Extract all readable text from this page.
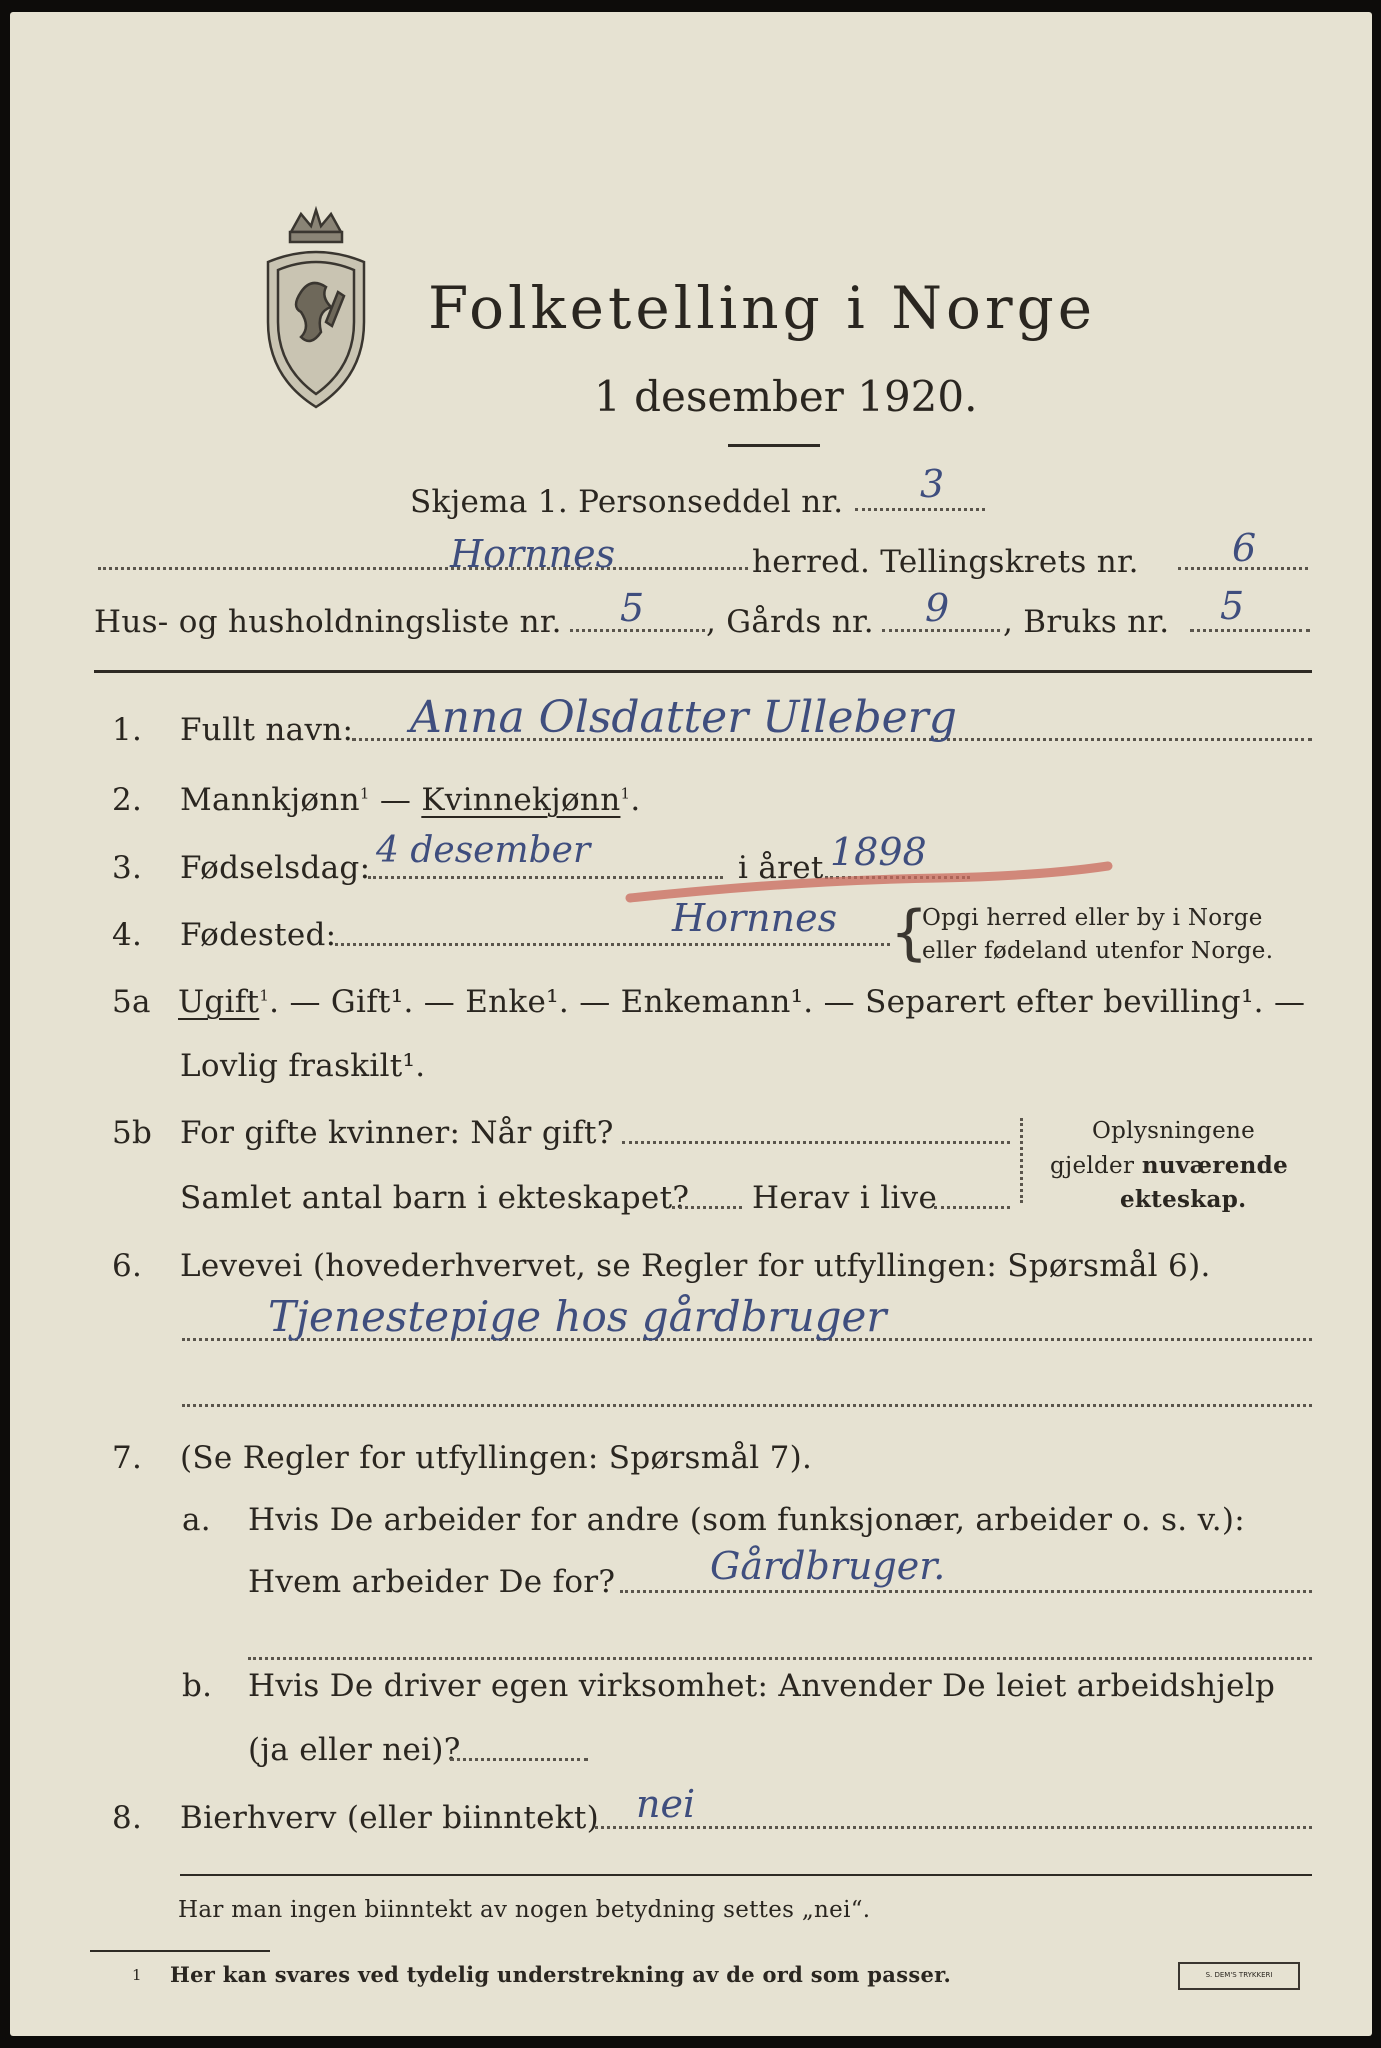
Folketelling i Norge
1 desember 1920.
Skjema 1. Personseddel nr. 3
Hornnes	herred. Tellingskrets nr. 6
Hus- og husholdningsliste nr. 5 , Gårds nr. 9 , Bruks nr. 5
1. Fullt navn: Anna Olsdatter Ulleberg
2. Mannkjønn$^1$ — Kvinnekjønn$^1$.
3. Fødselsdag: 4 desember	i året 1898
4. Fødested:	Hornnes {
Opgi herred eller by i Norge
eller fødeland utenfor Norge.
5a Ugift$^1$. — Gift¹. — Enke¹. — Enkemann¹. — Separert efter bevilling¹. —
Lovlig fraskilt¹.
5b For gifte kvinner: Når gift?
Samlet antal barn i ekteskapet? Herav i live
Oplysningene
gjelder nuværende
ekteskap.
6. Levevei (hovederhvervet, se Regler for utfyllingen: Spørsmål 6).
Tjenestepige hos gårdbruger
7. (Se Regler for utfyllingen: Spørsmål 7).
a. Hvis De arbeider for andre (som funksjonær, arbeider o. s. v.):
Hvem arbeider De for? Gårdbruger.
b. Hvis De driver egen virksomhet: Anvender De leiet arbeidshjelp
(ja eller nei)?
8. Bierhverv (eller biinntekt) nei
Har man ingen biinntekt av nogen betydning settes „nei“.
1 Her kan svares ved tydelig understrekning av de ord som passer.	S. DEM'S TRYKKERI
